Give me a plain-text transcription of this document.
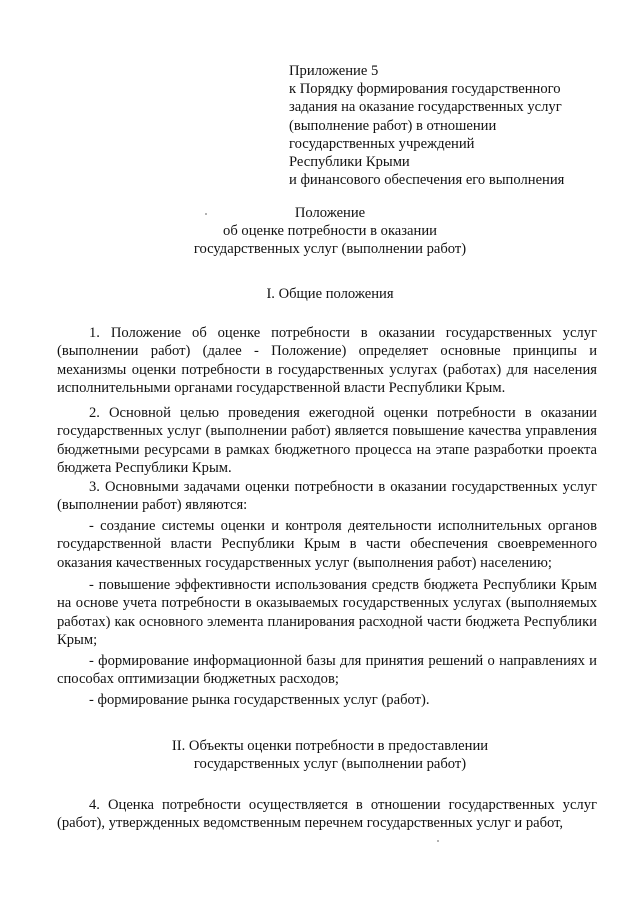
Приложение 5
к Порядку формирования государственного
задания на оказание государственных услуг
(выполнение работ) в отношении
государственных учреждений
Республики Крыми
и финансового обеспечения его выполнения
Положение
об оценке потребности в оказании
государственных услуг (выполнении работ)
I. Общие положения
1. Положение об оценке потребности в оказании государственных услуг (выполнении работ) (далее - Положение) определяет основные принципы и механизмы оценки потребности в государственных услугах (работах) для населения исполнительными органами государственной власти Республики Крым.
2. Основной целью проведения ежегодной оценки потребности в оказании государственных услуг (выполнении работ) является повышение качества управления бюджетными ресурсами в рамках бюджетного процесса на этапе разработки проекта бюджета Республики Крым.
3. Основными задачами оценки потребности в оказании государственных услуг (выполнении работ) являются:
- создание системы оценки и контроля деятельности исполнительных органов государственной власти Республики Крым в части обеспечения своевременного оказания качественных государственных услуг (выполнения работ) населению;
- повышение эффективности использования средств бюджета Республики Крым на основе учета потребности в оказываемых государственных услугах (выполняемых работах) как основного элемента планирования расходной части бюджета Республики Крым;
- формирование информационной базы для принятия решений о направлениях и способах оптимизации бюджетных расходов;
- формирование рынка государственных услуг (работ).
II. Объекты оценки потребности в предоставлении
государственных услуг (выполнении работ)
4. Оценка потребности осуществляется в отношении государственных услуг (работ), утвержденных ведомственным перечнем государственных услуг и работ,
